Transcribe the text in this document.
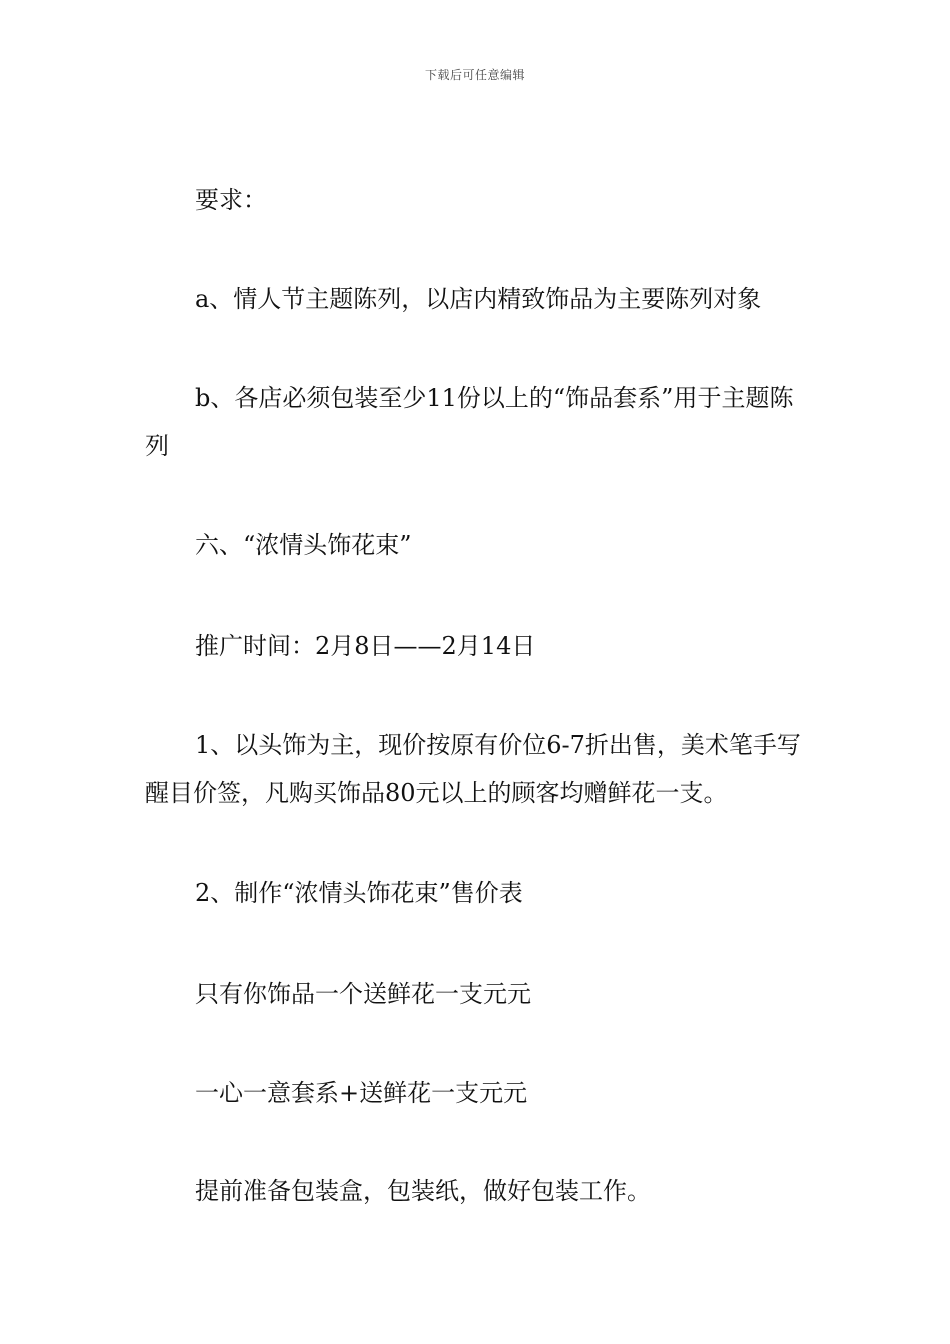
下载后可任意编辑

要求：

a、情人节主题陈列，以店内精致饰品为主要陈列对象

b、各店必须包装至少11份以上的“饰品套系”用于主题陈列

六、“浓情头饰花束”

推广时间：2月8日——2月14日

1、以头饰为主，现价按原有价位6-7折出售，美术笔手写醒目价签，凡购买饰品80元以上的顾客均赠鲜花一支。

2、制作“浓情头饰花束”售价表

只有你饰品一个送鲜花一支元元

一心一意套系+送鲜花一支元元

提前准备包装盒，包装纸，做好包装工作。
